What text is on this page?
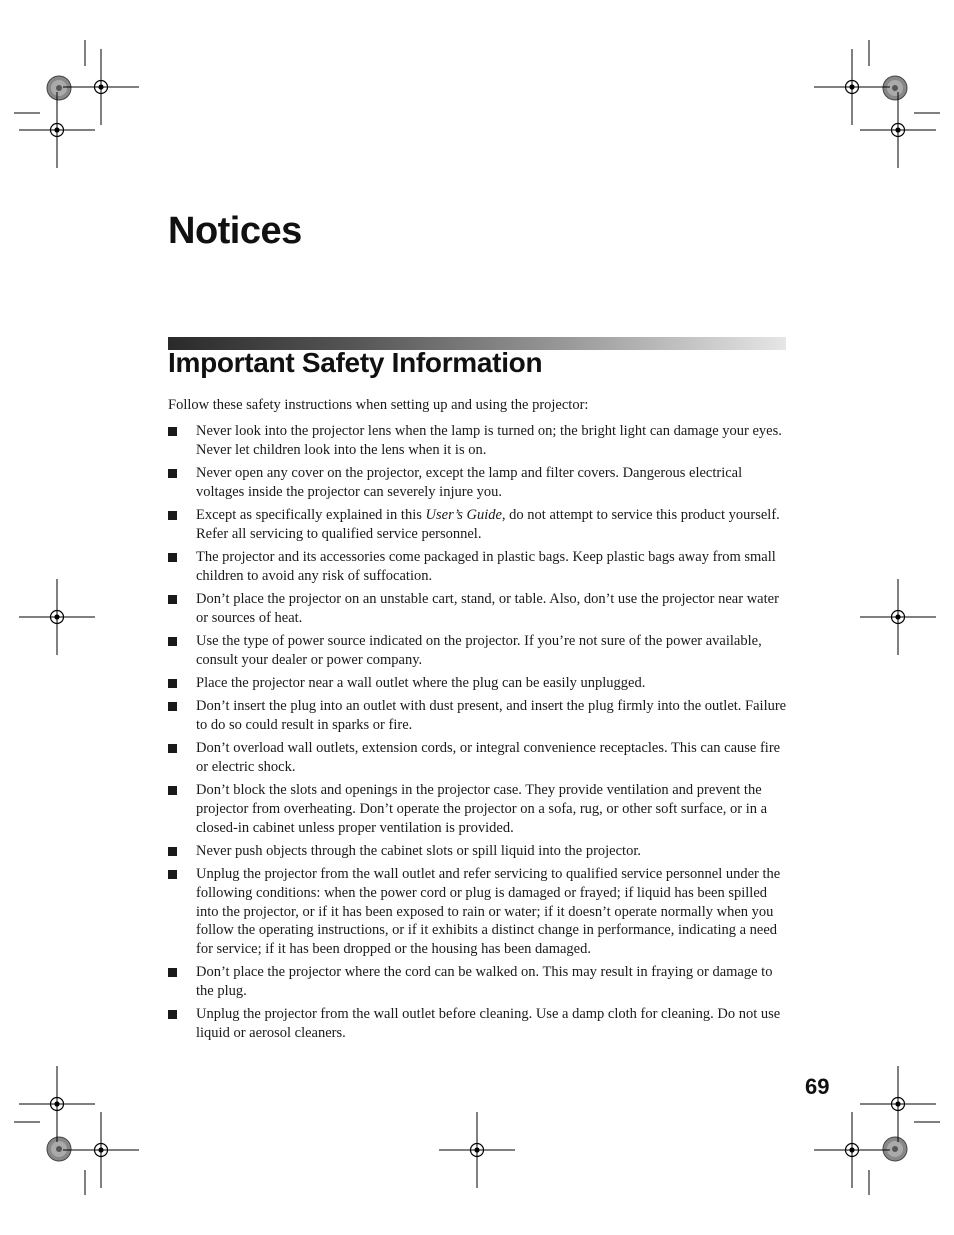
Notices
Important Safety Information

Follow these safety instructions when setting up and using the projector:

Never look into the projector lens when the lamp is turned on; the bright light can damage your eyes. Never let children look into the lens when it is on.
Never open any cover on the projector, except the lamp and filter covers. Dangerous electrical voltages inside the projector can severely injure you.
Except as specifically explained in this User’s Guide, do not attempt to service this product yourself. Refer all servicing to qualified service personnel.
The projector and its accessories come packaged in plastic bags. Keep plastic bags away from small children to avoid any risk of suffocation.
Don’t place the projector on an unstable cart, stand, or table. Also, don’t use the projector near water or sources of heat.
Use the type of power source indicated on the projector. If you’re not sure of the power available, consult your dealer or power company.
Place the projector near a wall outlet where the plug can be easily unplugged.
Don’t insert the plug into an outlet with dust present, and insert the plug firmly into the outlet. Failure to do so could result in sparks or fire.
Don’t overload wall outlets, extension cords, or integral convenience receptacles. This can cause fire or electric shock.
Don’t block the slots and openings in the projector case. They provide ventilation and prevent the projector from overheating. Don’t operate the projector on a sofa, rug, or other soft surface, or in a closed-in cabinet unless proper ventilation is provided.
Never push objects through the cabinet slots or spill liquid into the projector.
Unplug the projector from the wall outlet and refer servicing to qualified service personnel under the following conditions: when the power cord or plug is damaged or frayed; if liquid has been spilled into the projector, or if it has been exposed to rain or water; if it doesn’t operate normally when you follow the operating instructions, or if it exhibits a distinct change in performance, indicating a need for service; if it has been dropped or the housing has been damaged.
Don’t place the projector where the cord can be walked on. This may result in fraying or damage to the plug.
Unplug the projector from the wall outlet before cleaning. Use a damp cloth for cleaning. Do not use liquid or aerosol cleaners.
69
